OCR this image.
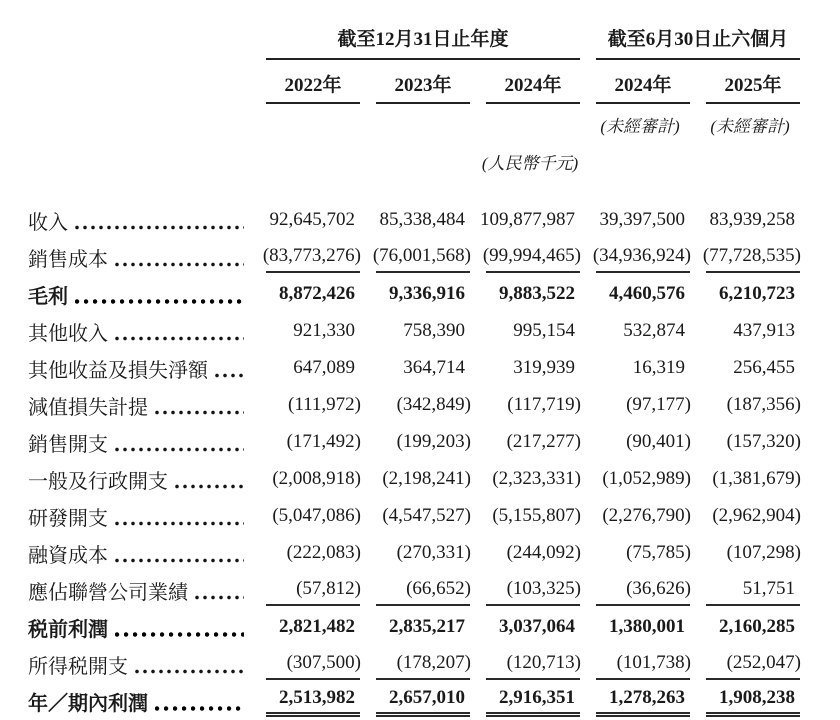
截至12月31日止年度	截至6月30日止六個月
2022年	2023年	2024年	2024年	2025年
(未經審計)	(未經審計)
(人民幣千元)
收入	92,645,702 85,338,484 109,877,987 39,397,500 83,939,258
銷售成本	(83,773,276) (76,001,568) (99,994,465) (34,936,924) (77,728,535)
毛利	8,872,426 9,336,916 9,883,522 4,460,576 6,210,723
其他收入	921,330	758,390	995,154	532,874	437,913
其他收益及損失淨額	647,089	364,714	319,939	16,319	256,455
減值損失計提	(111,972) (342,849) (117,719) (97,177) (187,356)
銷售開支	(171,492) (199,203) (217,277) (90,401) (157,320)
一般及行政開支	(2,008,918) (2,198,241) (2,323,331) (1,052,989) (1,381,679)
研發開支	(5,047,086) (4,547,527) (5,155,807) (2,276,790) (2,962,904)
融資成本	(222,083) (270,331) (244,092) (75,785) (107,298)
應佔聯營公司業績	(57,812) (66,652) (103,325) (36,626)	51,751
税前利潤	2,821,482 2,835,217 3,037,064 1,380,001 2,160,285
所得税開支	(307,500) (178,207) (120,713) (101,738) (252,047)
年／期內利潤	2,513,982 2,657,010 2,916,351 1,278,263 1,908,238
